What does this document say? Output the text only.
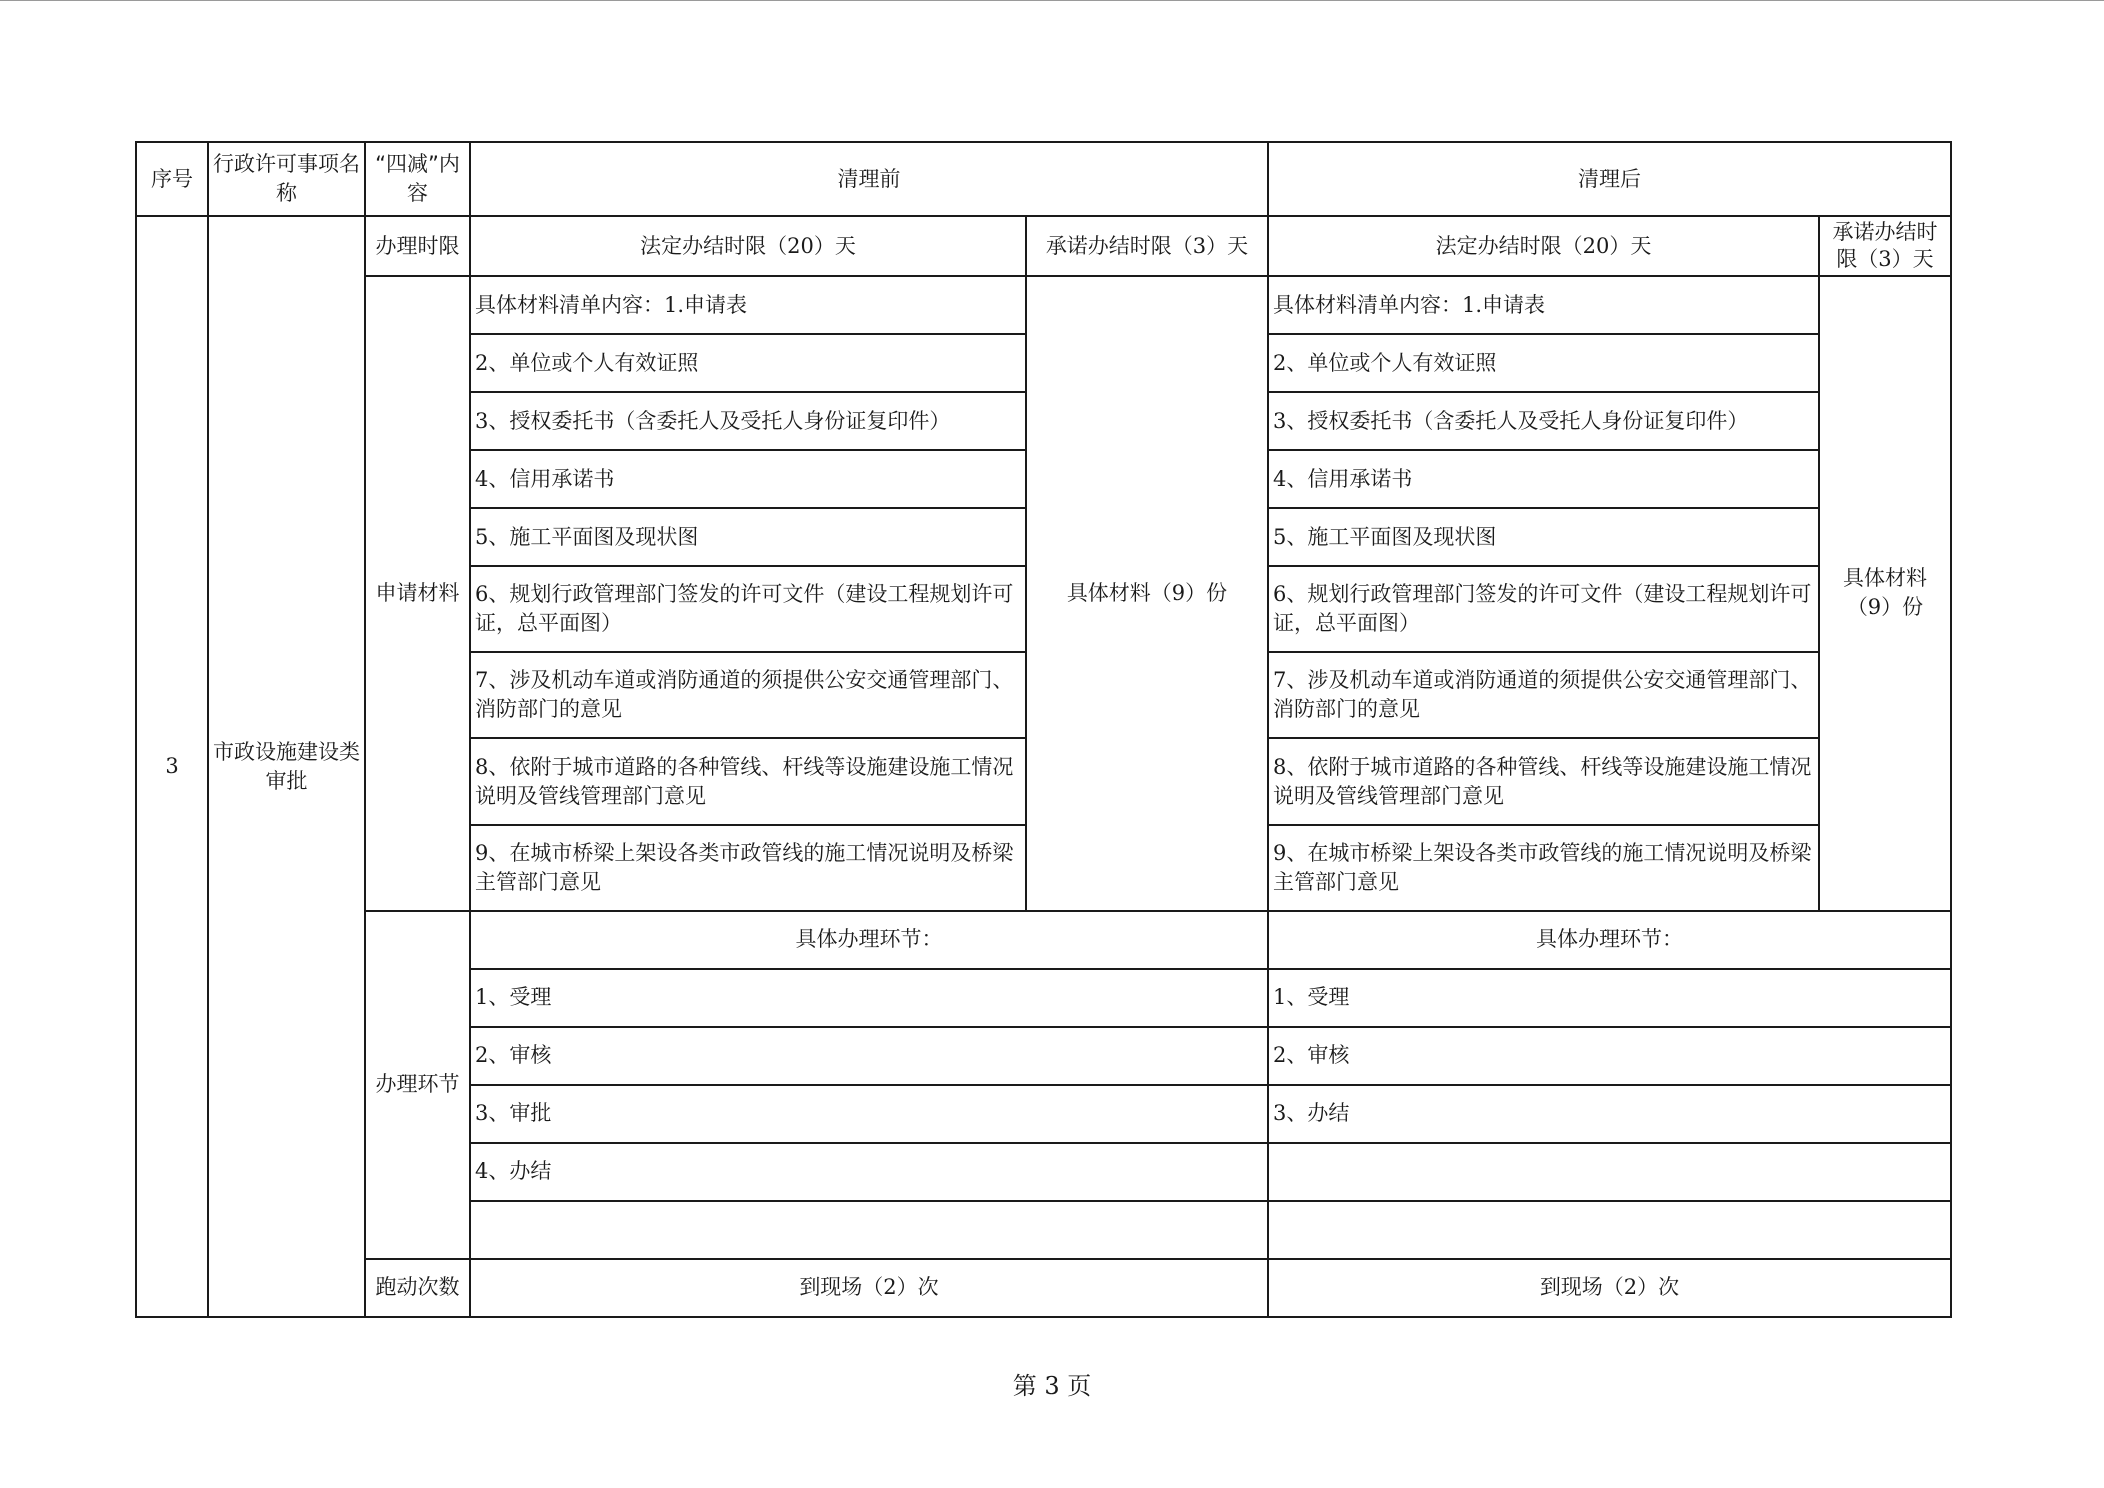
序号	行政许可事项名称	“四减”内容	清理前		清理后	
3	市政设施建设类审批	办理时限	法定办结时限（20）天	承诺办结时限（3）天	法定办结时限（20）天	承诺办结时限（3）天
		申请材料	具体材料清单内容：1.申请表	具体材料（9）份	具体材料清单内容：1.申请表	具体材料（9）份
			2、单位或个人有效证照		2、单位或个人有效证照	
			3、授权委托书（含委托人及受托人身份证复印件）		3、授权委托书（含委托人及受托人身份证复印件）	
			4、信用承诺书		4、信用承诺书	
			5、施工平面图及现状图		5、施工平面图及现状图	
			6、规划行政管理部门签发的许可文件（建设工程规划许可证，总平面图）		6、规划行政管理部门签发的许可文件（建设工程规划许可证，总平面图）	
			7、涉及机动车道或消防通道的须提供公安交通管理部门、消防部门的意见		7、涉及机动车道或消防通道的须提供公安交通管理部门、消防部门的意见	
			8、依附于城市道路的各种管线、杆线等设施建设施工情况说明及管线管理部门意见		8、依附于城市道路的各种管线、杆线等设施建设施工情况说明及管线管理部门意见	
			9、在城市桥梁上架设各类市政管线的施工情况说明及桥梁主管部门意见		9、在城市桥梁上架设各类市政管线的施工情况说明及桥梁主管部门意见	
		办理环节	具体办理环节：		具体办理环节：	
			1、受理		1、受理	
			2、审核		2、审核	
			3、审批		3、办结	
			4、办结			

		跑动次数	到现场（2）次		到现场（2）次	
第 3 页
